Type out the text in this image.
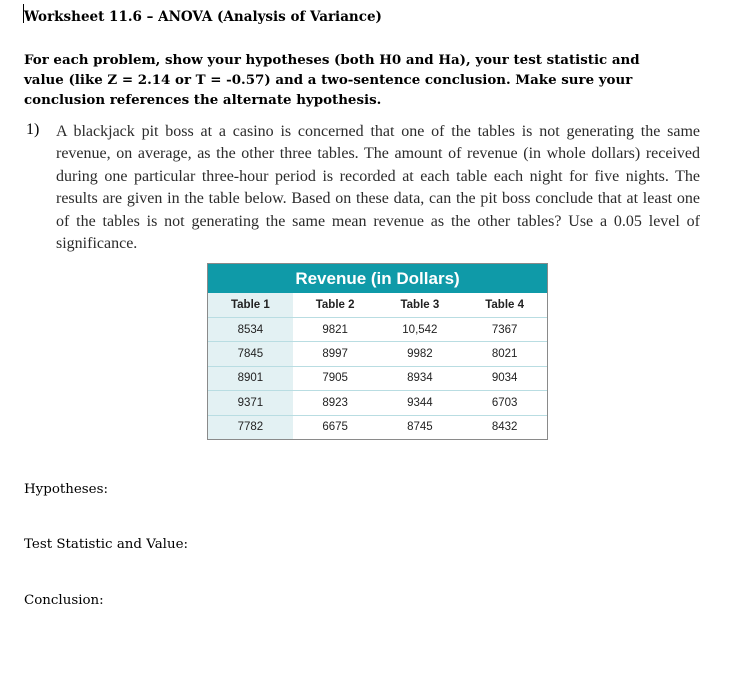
Worksheet 11.6 – ANOVA (Analysis of Variance)
For each problem, show your hypotheses (both H0 and Ha), your test statistic and value (like Z = 2.14 or T = -0.57) and a two-sentence conclusion. Make sure your conclusion references the alternate hypothesis.
1) A blackjack pit boss at a casino is concerned that one of the tables is not generating the same revenue, on average, as the other three tables. The amount of revenue (in whole dollars) received during one particular three-hour period is recorded at each table each night for five nights. The results are given in the table below. Based on these data, can the pit boss conclude that at least one of the tables is not generating the same mean revenue as the other tables? Use a 0.05 level of significance.
Revenue (in Dollars)
Table 1	Table 2	Table 3	Table 4
8534	9821	10,542	7367
7845	8997	9982	8021
8901	7905	8934	9034
9371	8923	9344	6703
7782	6675	8745	8432
Hypotheses:
Test Statistic and Value:
Conclusion:
